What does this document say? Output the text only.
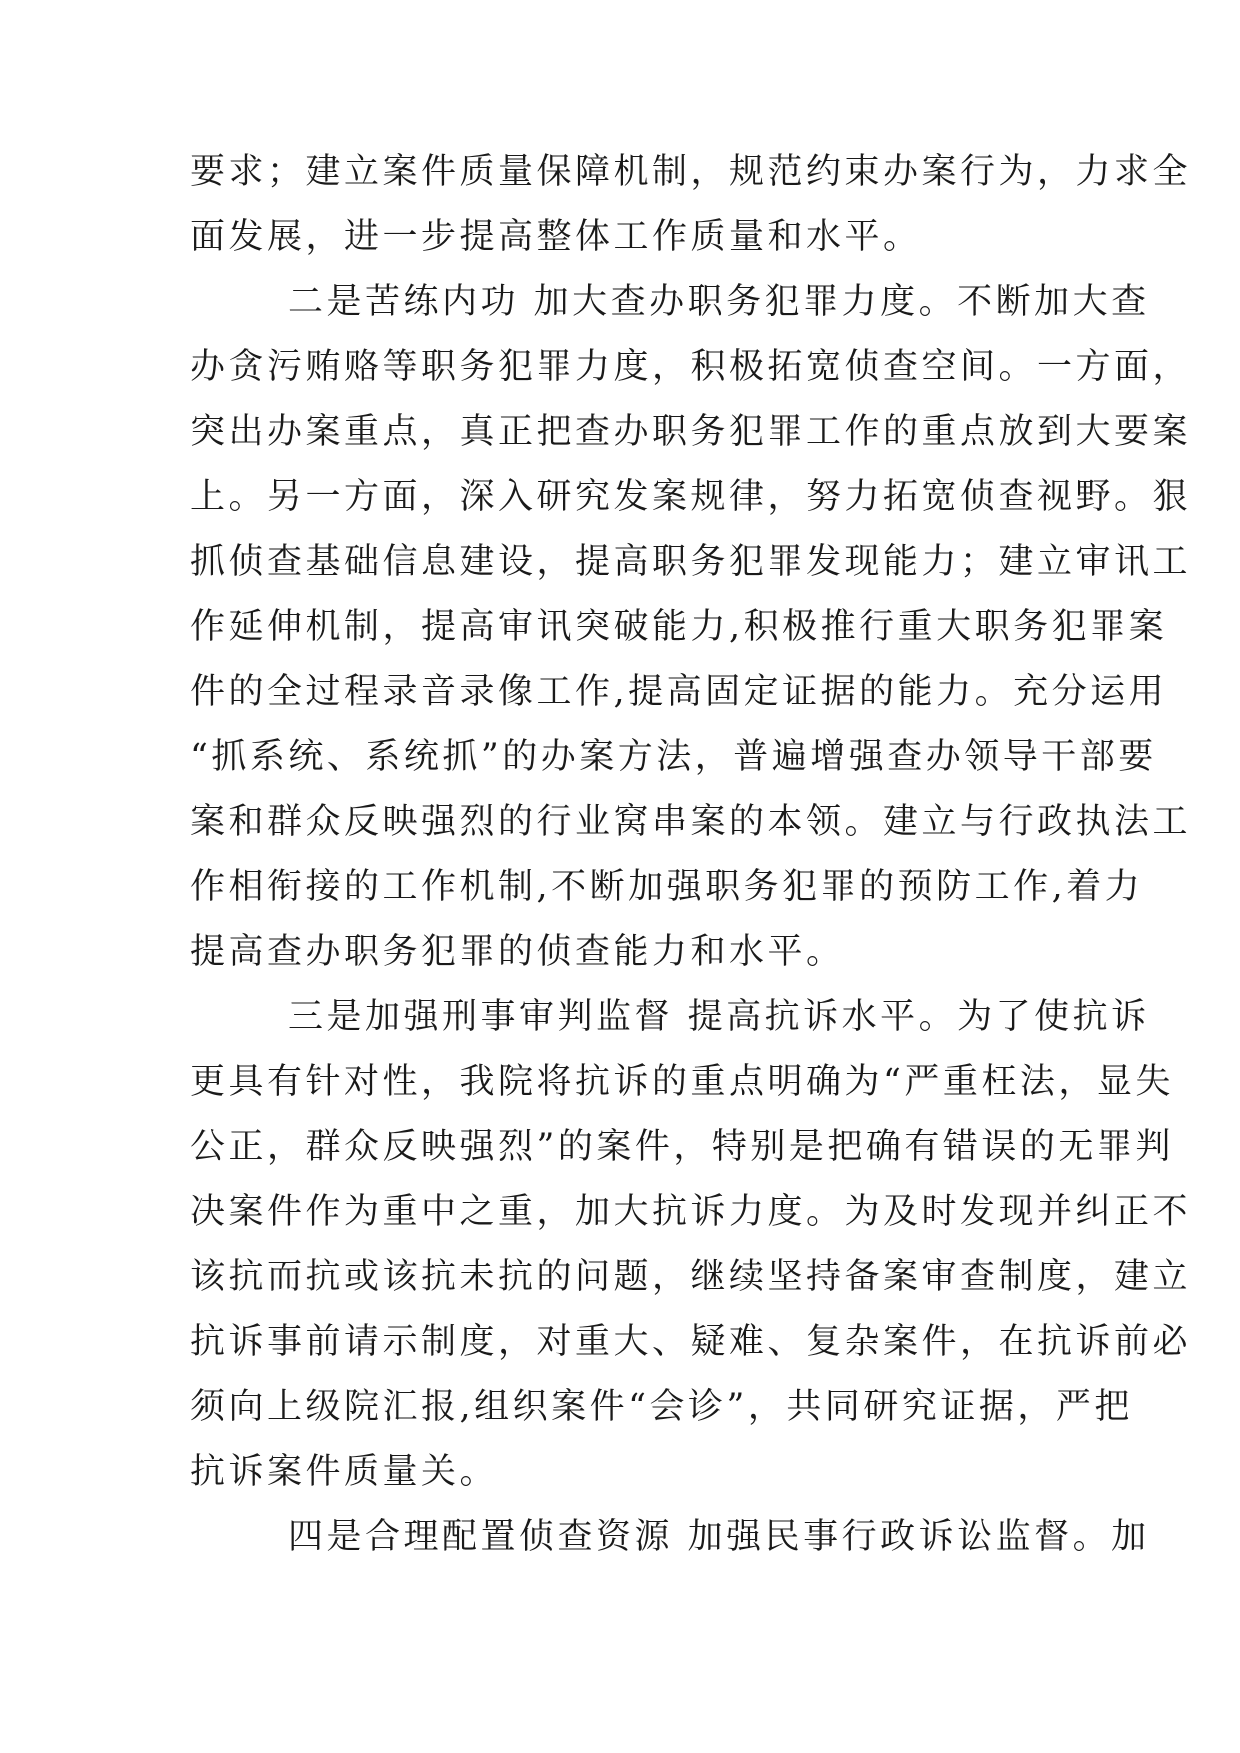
要求；建立案件质量保障机制，规范约束办案行为，力求全
面发展，进一步提高整体工作质量和水平。
二是苦练内功 加大查办职务犯罪力度。不断加大查
办贪污贿赂等职务犯罪力度，积极拓宽侦查空间。一方面，
突出办案重点，真正把查办职务犯罪工作的重点放到大要案
上。另一方面，深入研究发案规律，努力拓宽侦查视野。狠
抓侦查基础信息建设，提高职务犯罪发现能力；建立审讯工
作延伸机制，提高审讯突破能力,积极推行重大职务犯罪案
件的全过程录音录像工作,提高固定证据的能力。充分运用
“抓系统、系统抓”的办案方法，普遍增强查办领导干部要
案和群众反映强烈的行业窝串案的本领。建立与行政执法工
作相衔接的工作机制,不断加强职务犯罪的预防工作,着力
提高查办职务犯罪的侦查能力和水平。
三是加强刑事审判监督 提高抗诉水平。为了使抗诉
更具有针对性，我院将抗诉的重点明确为“严重枉法，显失
公正，群众反映强烈”的案件，特别是把确有错误的无罪判
决案件作为重中之重，加大抗诉力度。为及时发现并纠正不
该抗而抗或该抗未抗的问题，继续坚持备案审查制度，建立
抗诉事前请示制度，对重大、疑难、复杂案件，在抗诉前必
须向上级院汇报,组织案件“会诊”，共同研究证据，严把
抗诉案件质量关。
四是合理配置侦查资源 加强民事行政诉讼监督。加
